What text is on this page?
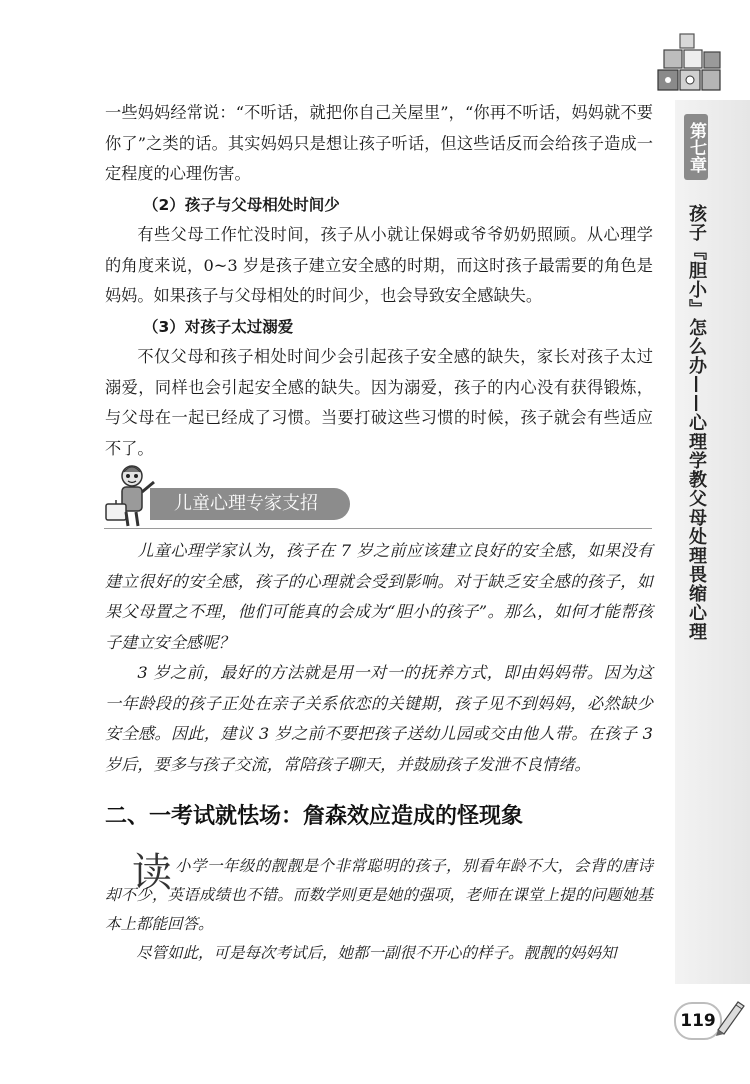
第七章
孩子『胆小』怎么办——心理学教父母处理畏缩心理

一些妈妈经常说：“不听话，就把你自己关屋里”，“你再不听话，妈妈就不要你了”之类的话。其实妈妈只是想让孩子听话，但这些话反而会给孩子造成一定程度的心理伤害。

（2）孩子与父母相处时间少

有些父母工作忙没时间，孩子从小就让保姆或爷爷奶奶照顾。从心理学的角度来说，0~3 岁是孩子建立安全感的时期，而这时孩子最需要的角色是妈妈。如果孩子与父母相处的时间少，也会导致安全感缺失。

（3）对孩子太过溺爱

不仅父母和孩子相处时间少会引起孩子安全感的缺失，家长对孩子太过溺爱，同样也会引起安全感的缺失。因为溺爱，孩子的内心没有获得锻炼，与父母在一起已经成了习惯。当要打破这些习惯的时候，孩子就会有些适应不了。

儿童心理专家支招

儿童心理学家认为，孩子在 7 岁之前应该建立良好的安全感，如果没有建立很好的安全感，孩子的心理就会受到影响。对于缺乏安全感的孩子，如果父母置之不理，他们可能真的会成为“胆小的孩子”。那么，如何才能帮孩子建立安全感呢？

3 岁之前，最好的方法就是用一对一的抚养方式，即由妈妈带。因为这一年龄段的孩子正处在亲子关系依恋的关键期，孩子见不到妈妈，必然缺少安全感。因此，建议 3 岁之前不要把孩子送幼儿园或交由他人带。在孩子 3 岁后，要多与孩子交流，常陪孩子聊天，并鼓励孩子发泄不良情绪。

二、一考试就怯场：詹森效应造成的怪现象
读 小学一年级的靓靓是个非常聪明的孩子，别看年龄不大，会背的唐诗却不少，英语成绩也不错。而数学则更是她的强项，老师在课堂上提的问题她基本上都能回答。

尽管如此，可是每次考试后，她都一副很不开心的样子。靓靓的妈妈知

119
